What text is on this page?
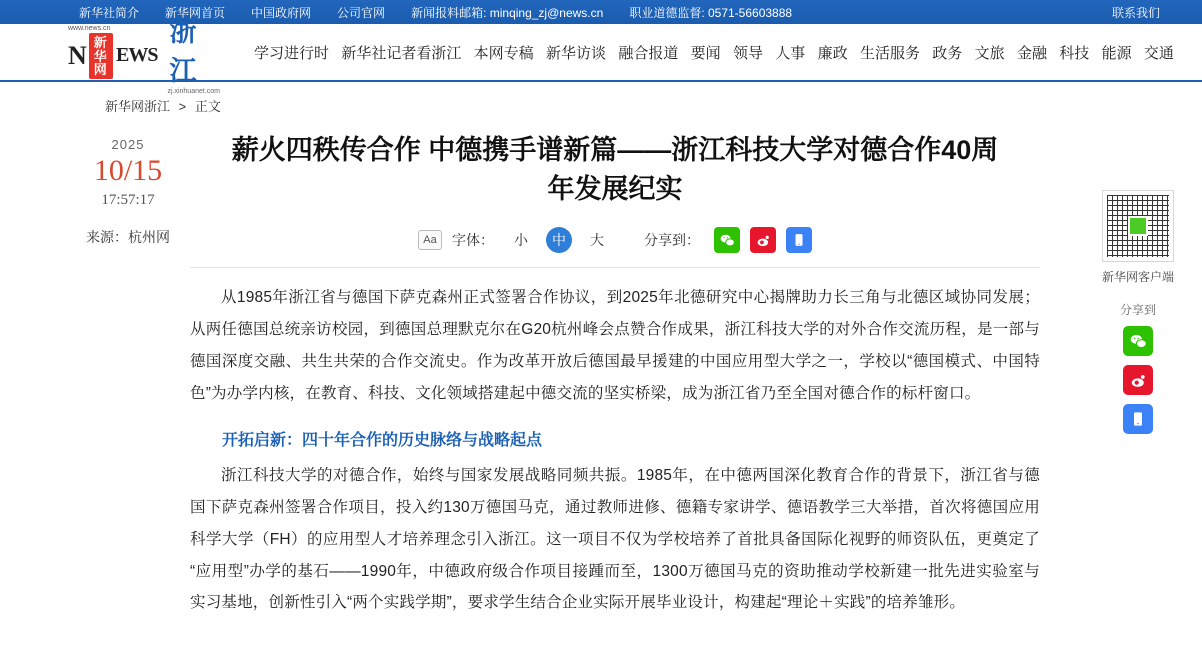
新华社简介	新华网首页	中国政府网	公司官网	新闻报料邮箱: minqing_zj@news.cn	职业道德监督: 0571-56603888	联系我们
www.news.cn
N 新华网
EWS
浙江
zj.xinhuanet.com
学习进行时 新华社记者看浙江 本网专稿 新华访谈 融合报道 要闻 领导 人事 廉政 生活服务 政务 文旅 金融 科技 能源 交通
新华网浙江 > 正文
2025
10/15
17:57:17
来源：杭州网
薪火四秩传合作 中德携手谱新篇——浙江科技大学对德合作40周年发展纪实
Aa	字体：	小	中	大	分享到：

从1985年浙江省与德国下萨克森州正式签署合作协议，到2025年北德研究中心揭牌助力长三角与北德区域协同发展；从两任德国总统亲访校园，到德国总理默克尔在G20杭州峰会点赞合作成果，浙江科技大学的对外合作交流历程，是一部与德国深度交融、共生共荣的合作交流史。作为改革开放后德国最早援建的中国应用型大学之一，学校以“德国模式、中国特色”为办学内核，在教育、科技、文化领域搭建起中德交流的坚实桥梁，成为浙江省乃至全国对德合作的标杆窗口。

开拓启新：四十年合作的历史脉络与战略起点

浙江科技大学的对德合作，始终与国家发展战略同频共振。1985年，在中德两国深化教育合作的背景下，浙江省与德国下萨克森州签署合作项目，投入约130万德国马克，通过教师进修、德籍专家讲学、德语教学三大举措，首次将德国应用科学大学（FH）的应用型人才培养理念引入浙江。这一项目不仅为学校培养了首批具备国际化视野的师资队伍，更奠定了“应用型”办学的基石——1990年，中德政府级合作项目接踵而至，1300万德国马克的资助推动学校新建一批先进实验室与实习基地，创新性引入“两个实践学期”，要求学生结合企业实际开展毕业设计，构建起“理论＋实践”的培养雏形。

新华网客户端
分享到
